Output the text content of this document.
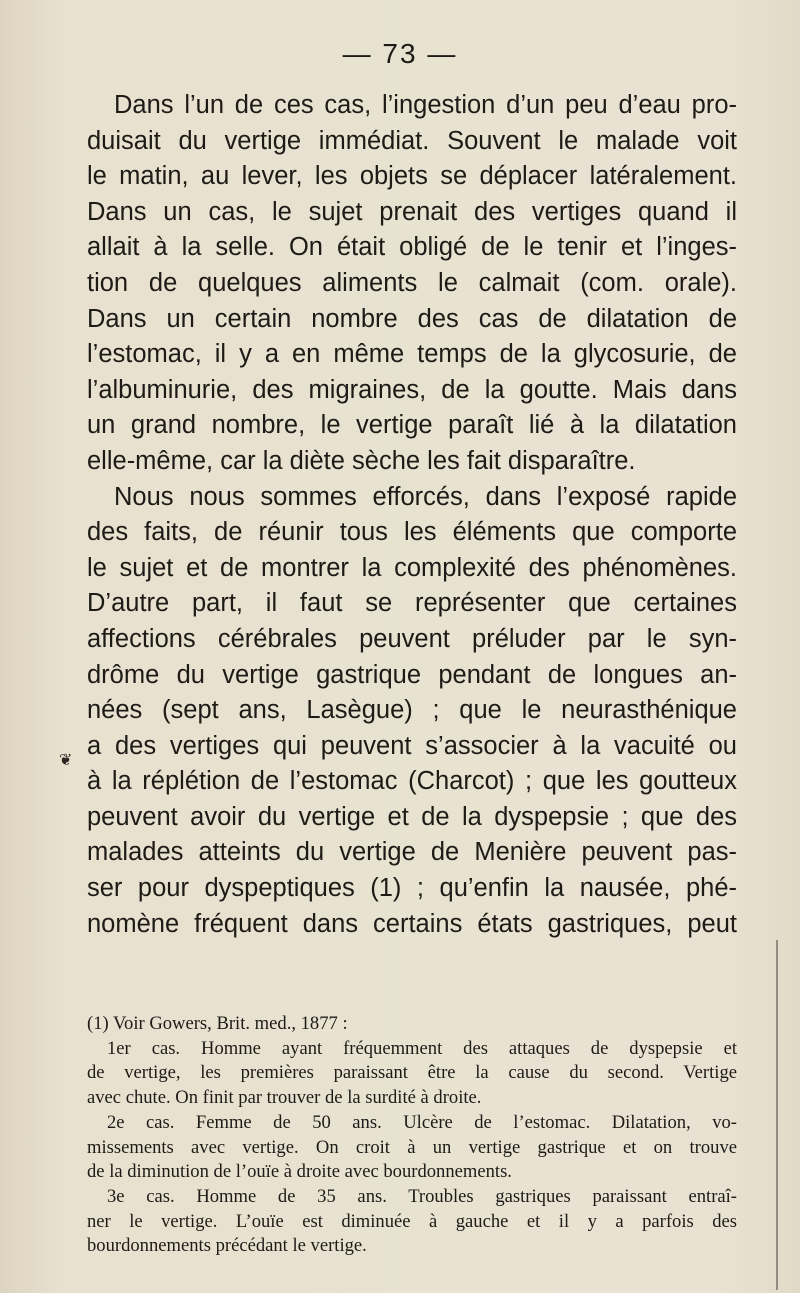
— 73 —
Dans l’un de ces cas, l’ingestion d’un peu d’eau pro-
duisait du vertige immédiat. Souvent le malade voit
le matin, au lever, les objets se déplacer latéralement.
Dans un cas, le sujet prenait des vertiges quand il
allait à la selle. On était obligé de le tenir et l’inges-
tion de quelques aliments le calmait (com. orale).
Dans un certain nombre des cas de dilatation de
l’estomac, il y a en même temps de la glycosurie, de
l’albuminurie, des migraines, de la goutte. Mais dans
un grand nombre, le vertige paraît lié à la dilatation
elle-même, car la diète sèche les fait disparaître.
Nous nous sommes efforcés, dans l’exposé rapide
des faits, de réunir tous les éléments que comporte
le sujet et de montrer la complexité des phénomènes.
D’autre part, il faut se représenter que certaines
affections cérébrales peuvent préluder par le syn-
drôme du vertige gastrique pendant de longues an-
nées (sept ans, Lasègue) ; que le neurasthénique
a des vertiges qui peuvent s’associer à la vacuité ou
à la réplétion de l’estomac (Charcot) ; que les goutteux
peuvent avoir du vertige et de la dyspepsie ; que des
malades atteints du vertige de Menière peuvent pas-
ser pour dyspeptiques (1) ; qu’enfin la nausée, phé-
nomène fréquent dans certains états gastriques, peut
❦
(1) Voir Gowers, Brit. med., 1877 :
1er cas. Homme ayant fréquemment des attaques de dyspepsie et
de vertige, les premières paraissant être la cause du second. Vertige
avec chute. On finit par trouver de la surdité à droite.
2e cas. Femme de 50 ans. Ulcère de l’estomac. Dilatation, vo-
missements avec vertige. On croit à un vertige gastrique et on trouve
de la diminution de l’ouïe à droite avec bourdonnements.
3e cas. Homme de 35 ans. Troubles gastriques paraissant entraî-
ner le vertige. L’ouïe est diminuée à gauche et il y a parfois des
bourdonnements précédant le vertige.
